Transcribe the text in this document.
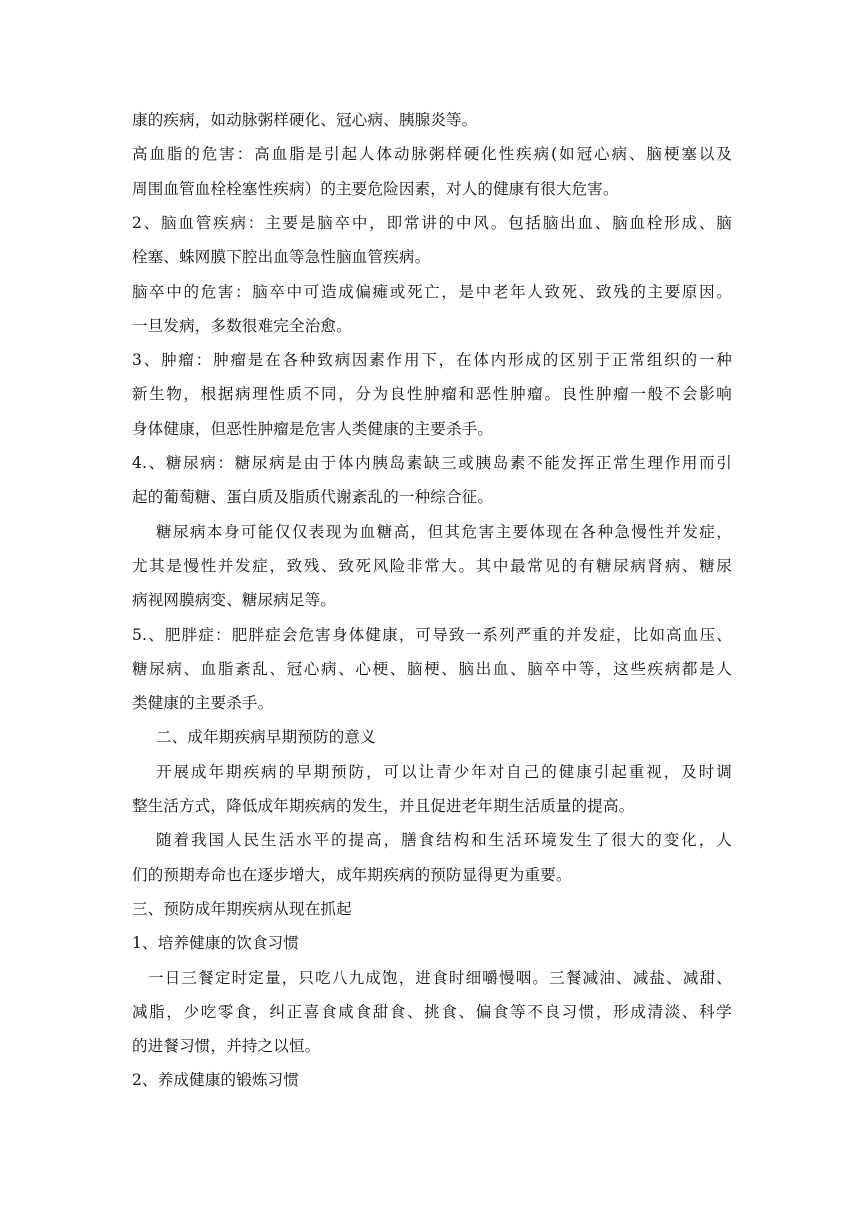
康的疾病，如动脉粥样硬化、冠心病、胰腺炎等。
高血脂的危害：高血脂是引起人体动脉粥样硬化性疾病(如冠心病、脑梗塞以及
周围血管血栓栓塞性疾病）的主要危险因素，对人的健康有很大危害。
2、脑血管疾病：主要是脑卒中，即常讲的中风。包括脑出血、脑血栓形成、脑
栓塞、蛛网膜下腔出血等急性脑血管疾病。
脑卒中的危害：脑卒中可造成偏瘫或死亡，是中老年人致死、致残的主要原因。
一旦发病，多数很难完全治愈。
3、肿瘤：肿瘤是在各种致病因素作用下，在体内形成的区别于正常组织的一种
新生物，根据病理性质不同，分为良性肿瘤和恶性肿瘤。良性肿瘤一般不会影响
身体健康，但恶性肿瘤是危害人类健康的主要杀手。
4.、糖尿病：糖尿病是由于体内胰岛素缺三或胰岛素不能发挥正常生理作用而引
起的葡萄糖、蛋白质及脂质代谢紊乱的一种综合征。
糖尿病本身可能仅仅表现为血糖高，但其危害主要体现在各种急慢性并发症，
尤其是慢性并发症，致残、致死风险非常大。其中最常见的有糖尿病肾病、糖尿
病视网膜病变、糖尿病足等。
5.、肥胖症：肥胖症会危害身体健康，可导致一系列严重的并发症，比如高血压、
糖尿病、血脂紊乱、冠心病、心梗、脑梗、脑出血、脑卒中等，这些疾病都是人
类健康的主要杀手。
二、成年期疾病早期预防的意义
开展成年期疾病的早期预防，可以让青少年对自己的健康引起重视，及时调
整生活方式，降低成年期疾病的发生，并且促进老年期生活质量的提高。
随着我国人民生活水平的提高，膳食结构和生活环境发生了很大的变化，人
们的预期寿命也在逐步增大，成年期疾病的预防显得更为重要。
三、预防成年期疾病从现在抓起
1、培养健康的饮食习惯
一日三餐定时定量，只吃八九成饱，进食时细嚼慢咽。三餐减油、减盐、减甜、
减脂，少吃零食，纠正喜食咸食甜食、挑食、偏食等不良习惯，形成清淡、科学
的进餐习惯，并持之以恒。
2、养成健康的锻炼习惯
